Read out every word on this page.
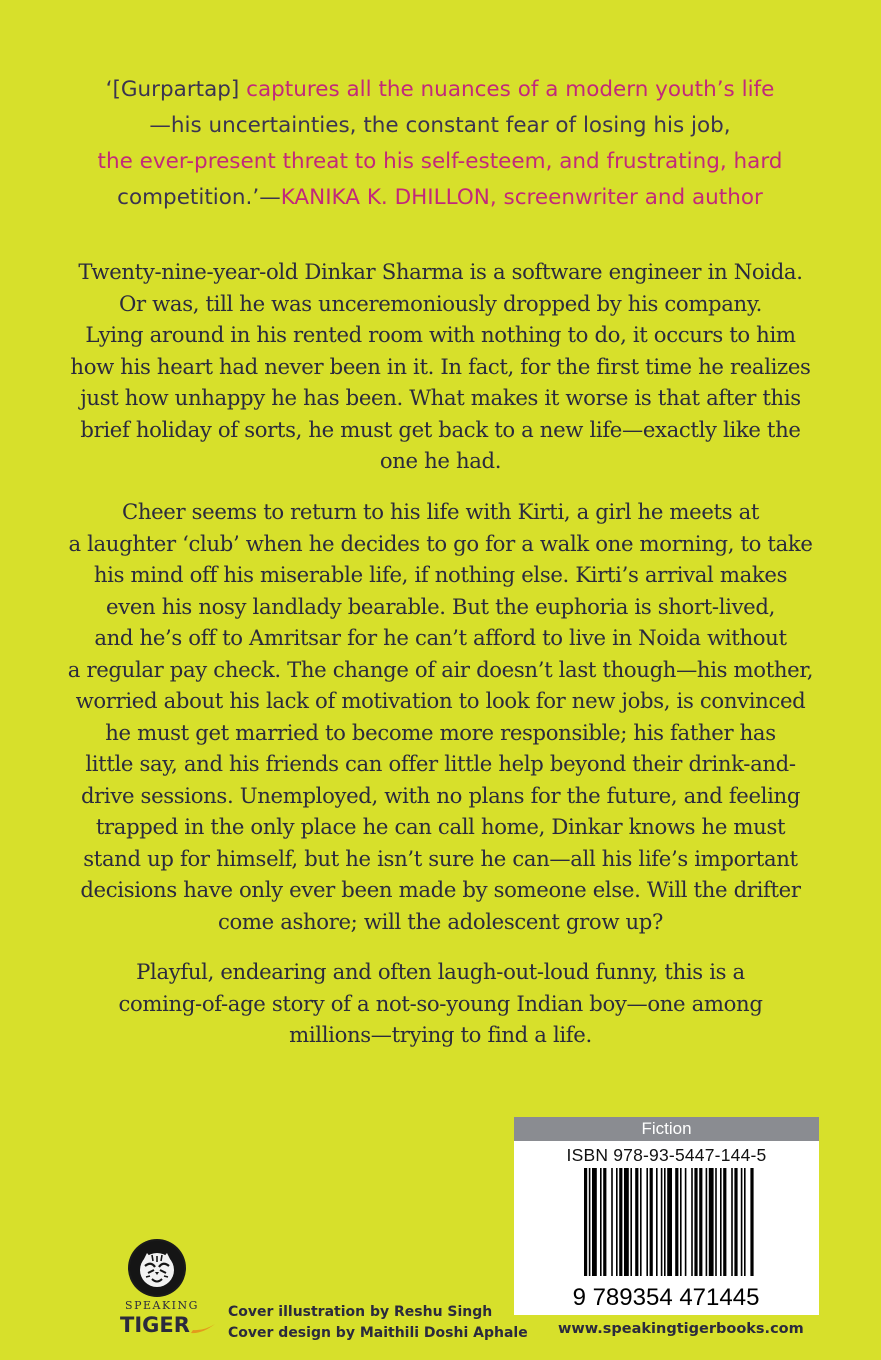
‘[Gurpartap] captures all the nuances of a modern youth’s life
—his uncertainties, the constant fear of losing his job,
the ever-present threat to his self-esteem, and frustrating, hard
competition.’—KANIKA K. DHILLON, screenwriter and author
Twenty-nine-year-old Dinkar Sharma is a software engineer in Noida.
Or was, till he was unceremoniously dropped by his company.
Lying around in his rented room with nothing to do, it occurs to him
how his heart had never been in it. In fact, for the first time he realizes
just how unhappy he has been. What makes it worse is that after this
brief holiday of sorts, he must get back to a new life—exactly like the
one he had.
Cheer seems to return to his life with Kirti, a girl he meets at
a laughter ‘club’ when he decides to go for a walk one morning, to take
his mind off his miserable life, if nothing else. Kirti’s arrival makes
even his nosy landlady bearable. But the euphoria is short-lived,
and he’s off to Amritsar for he can’t afford to live in Noida without
a regular pay check. The change of air doesn’t last though—his mother,
worried about his lack of motivation to look for new jobs, is convinced
he must get married to become more responsible; his father has
little say, and his friends can offer little help beyond their drink-and-
drive sessions. Unemployed, with no plans for the future, and feeling
trapped in the only place he can call home, Dinkar knows he must
stand up for himself, but he isn’t sure he can—all his life’s important
decisions have only ever been made by someone else. Will the drifter
come ashore; will the adolescent grow up?
Playful, endearing and often laugh-out-loud funny, this is a
coming-of-age story of a not-so-young Indian boy—one among
millions—trying to find a life.
Fiction
ISBN 978-93-5447-144-5
9 789354 471445
www.speakingtigerbooks.com
SPEAKING
TIGER
Cover illustration by Reshu Singh
Cover design by Maithili Doshi Aphale
